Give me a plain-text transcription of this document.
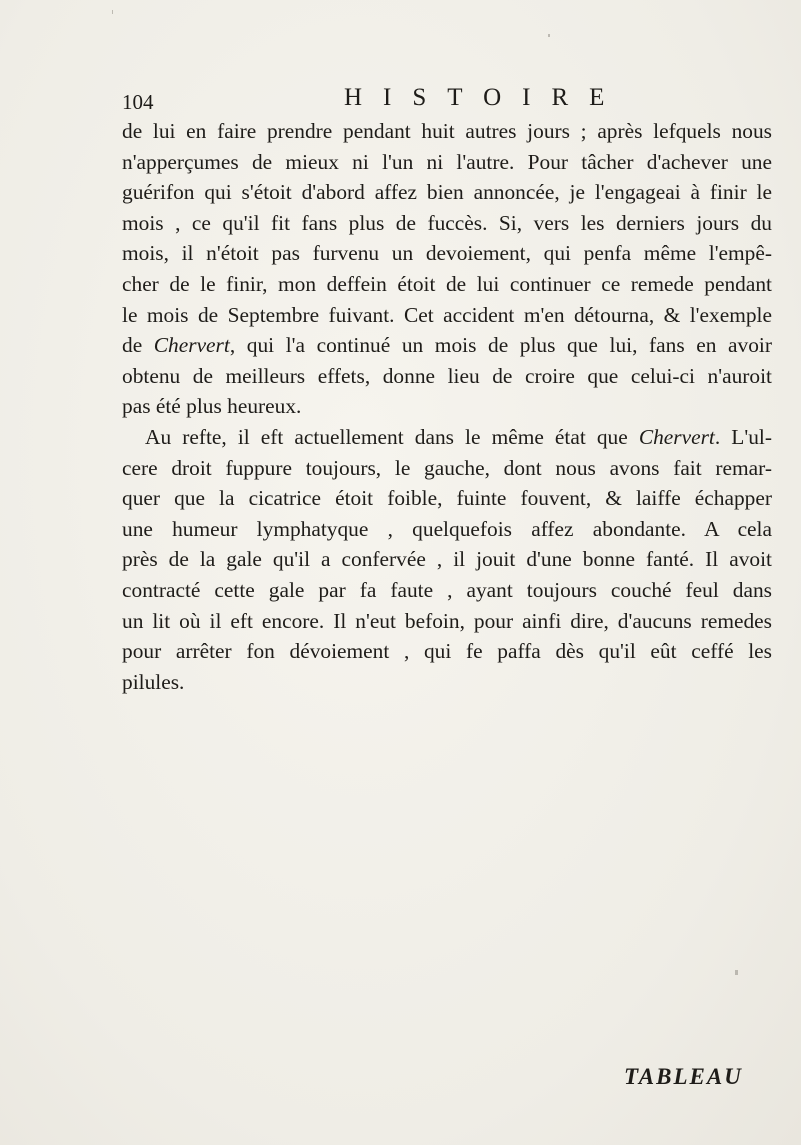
104	HISTOIRE
de lui en faire prendre pendant huit autres jours ; après lefquels nous
n'apperçumes de mieux ni l'un ni l'autre. Pour tâcher d'achever une
guérifon qui s'étoit d'abord affez bien annoncée, je l'engageai à finir le
mois , ce qu'il fit fans plus de fuccès. Si, vers les derniers jours du
mois, il n'étoit pas furvenu un devoiement, qui penfa même l'empê-
cher de le finir, mon deffein étoit de lui continuer ce remede pendant
le mois de Septembre fuivant. Cet accident m'en détourna, & l'exemple
de Chervert, qui l'a continué un mois de plus que lui, fans en avoir
obtenu de meilleurs effets, donne lieu de croire que celui-ci n'auroit
pas été plus heureux.
Au refte, il eft actuellement dans le même état que Chervert. L'ul-
cere droit fuppure toujours, le gauche, dont nous avons fait remar-
quer que la cicatrice étoit foible, fuinte fouvent, & laiffe échapper
une humeur lymphatyque , quelquefois affez abondante. A cela
près de la gale qu'il a confervée , il jouit d'une bonne fanté. Il avoit
contracté cette gale par fa faute , ayant toujours couché feul dans
un lit où il eft encore. Il n'eut befoin, pour ainfi dire, d'aucuns remedes
pour arrêter fon dévoiement , qui fe paffa dès qu'il eût ceffé les
pilules.
TABLEAU
